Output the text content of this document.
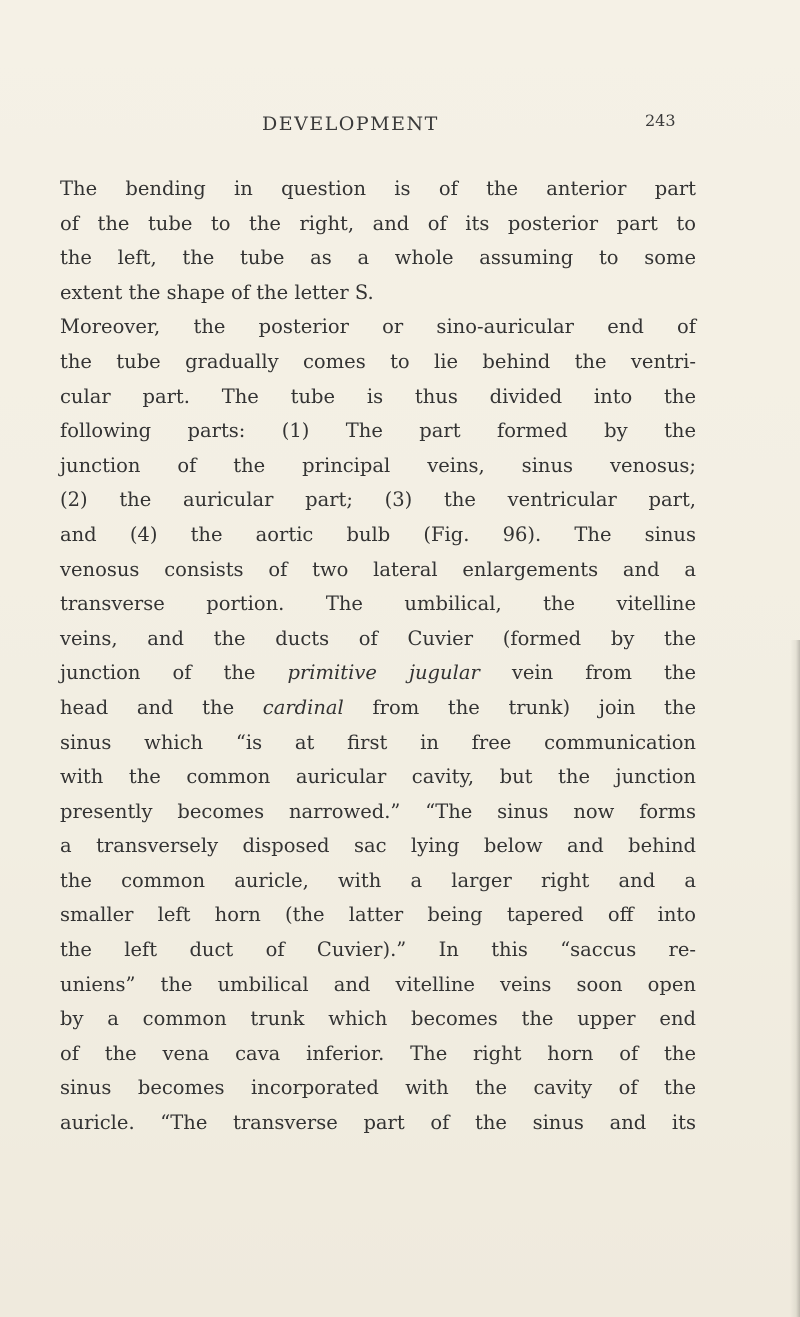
DEVELOPMENT	243
The bending in question is of the anterior part
of the tube to the right, and of its posterior part to
the left, the tube as a whole assuming to some
extent the shape of the letter S.
Moreover, the posterior or sino-auricular end of
the tube gradually comes to lie behind the ventri-
cular part. The tube is thus divided into the
following parts: (1) The part formed by the
junction of the principal veins, sinus venosus;
(2) the auricular part; (3) the ventricular part,
and (4) the aortic bulb (Fig. 96). The sinus
venosus consists of two lateral enlargements and a
transverse portion. The umbilical, the vitelline
veins, and the ducts of Cuvier (formed by the
junction of the primitive jugular vein from the
head and the cardinal from the trunk) join the
sinus which “is at first in free communication
with the common auricular cavity, but the junction
presently becomes narrowed.” “The sinus now forms
a transversely disposed sac lying below and behind
the common auricle, with a larger right and a
smaller left horn (the latter being tapered off into
the left duct of Cuvier).” In this “saccus re-
uniens” the umbilical and vitelline veins soon open
by a common trunk which becomes the upper end
of the vena cava inferior. The right horn of the
sinus becomes incorporated with the cavity of the
auricle. “The transverse part of the sinus and its
